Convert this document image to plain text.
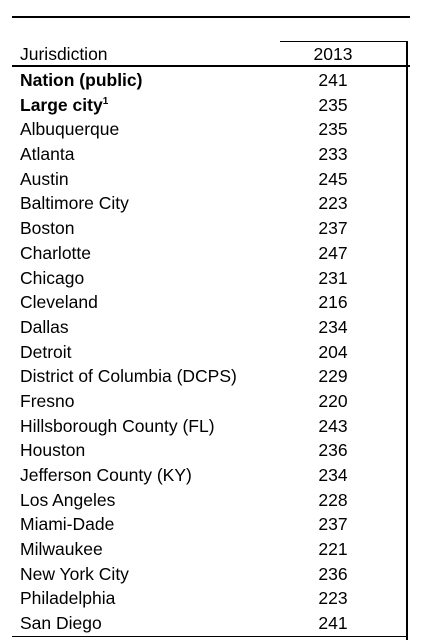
Jurisdiction	2013
Nation (public)	241
Large city$^1$	235
Albuquerque	235
Atlanta	233
Austin	245
Baltimore City	223
Boston	237
Charlotte	247
Chicago	231
Cleveland	216
Dallas	234
Detroit	204
District of Columbia (DCPS)	229
Fresno	220
Hillsborough County (FL)	243
Houston	236
Jefferson County (KY)	234
Los Angeles	228
Miami-Dade	237
Milwaukee	221
New York City	236
Philadelphia	223
San Diego	241
